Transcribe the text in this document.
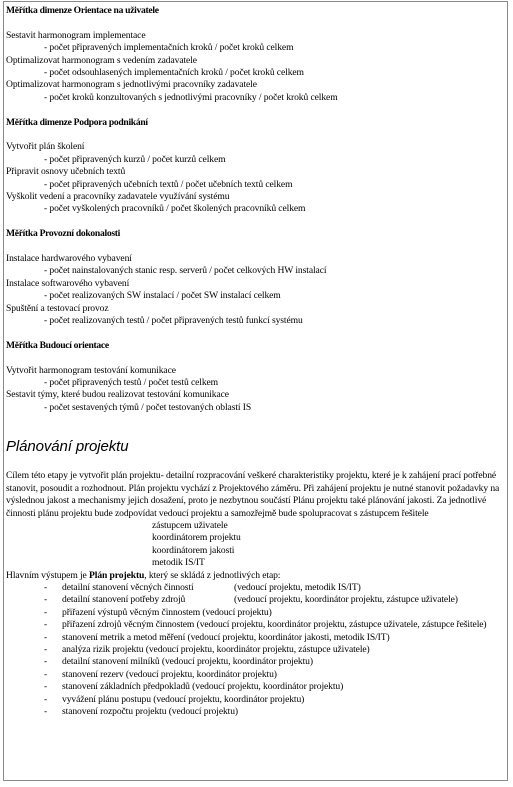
Měřítka dimenze Orientace na uživatele
Sestavit harmonogram implementace
- počet připravených implementačních kroků / počet kroků celkem
Optimalizovat harmonogram s vedením zadavatele
- počet odsouhlasených implementačních kroků / počet kroků celkem
Optimalizovat harmonogram s jednotlivými pracovníky zadavatele
- počet kroků konzultovaných s jednotlivými pracovníky / počet kroků celkem
Měřítka dimenze Podpora podnikání
Vytvořit plán školení
- počet připravených kurzů / počet kurzů celkem
Připravit osnovy učebních textů
- počet připravených učebních textů / počet učebních textů celkem
Vyškolit vedení a pracovníky zadavatele využívání systému
- počet vyškolených pracovníků / počet školených pracovníků celkem
Měřítka Provozní dokonalosti
Instalace hardwarového vybavení
- počet nainstalovaných stanic resp. serverů / počet celkových HW instalací
Instalace softwarového vybavení
- počet realizovaných SW instalací / počet SW instalací celkem
Spuštění a testovací provoz
- počet realizovaných testů / počet připravených testů funkcí systému
Měřítka Budoucí orientace
Vytvořit harmonogram testování komunikace
- počet připravených testů / počet testů celkem
Sestavit týmy, které budou realizovat testování komunikace
- počet sestavených týmů / počet testovaných oblastí IS
Plánování projektu
Cílem této etapy je vytvořit plán projektu- detailní rozpracování veškeré charakteristiky projektu, které je k zahájení prací potřebné stanovit, posoudit a rozhodnout. Plán projektu vychází z Projektového záměru. Při zahájení projektu je nutné stanovit požadavky na výslednou jakost a mechanismy jejich dosažení, proto je nezbytnou součástí Plánu projektu také plánování jakosti. Za jednotlivé činnosti plánu projektu bude zodpovídat vedoucí projektu a samozřejmě bude spolupracovat s zástupcem řešitele
zástupcem uživatele
koordinátorem projektu
koordinátorem jakosti
metodik IS/IT
Hlavním výstupem je Plán projektu, který se skládá z jednotlivých etap:
-	detailní stanovení věcných činností	(vedoucí projektu, metodik IS/IT)
-	detailní stanovení potřeby zdrojů	(vedoucí projektu, koordinátor projektu, zástupce uživatele)
-	přiřazení výstupů věcným činnostem (vedoucí projektu)
-	přiřazení zdrojů věcným činnostem (vedoucí projektu, koordinátor projektu, zástupce uživatele, zástupce řešitele)
-	stanovení metrik a metod měření (vedoucí projektu, koordinátor jakosti, metodik IS/IT)
-	analýza rizik projektu (vedoucí projektu, koordinátor projektu, zástupce uživatele)
-	detailní stanovení milníků (vedoucí projektu, koordinátor projektu)
-	stanovení rezerv (vedoucí projektu, koordinátor projektu)
-	stanovení základních předpokladů (vedoucí projektu, koordinátor projektu)
-	vyvážení plánu postupu (vedoucí projektu, koordinátor projektu)
-	stanovení rozpočtu projektu (vedoucí projektu)
